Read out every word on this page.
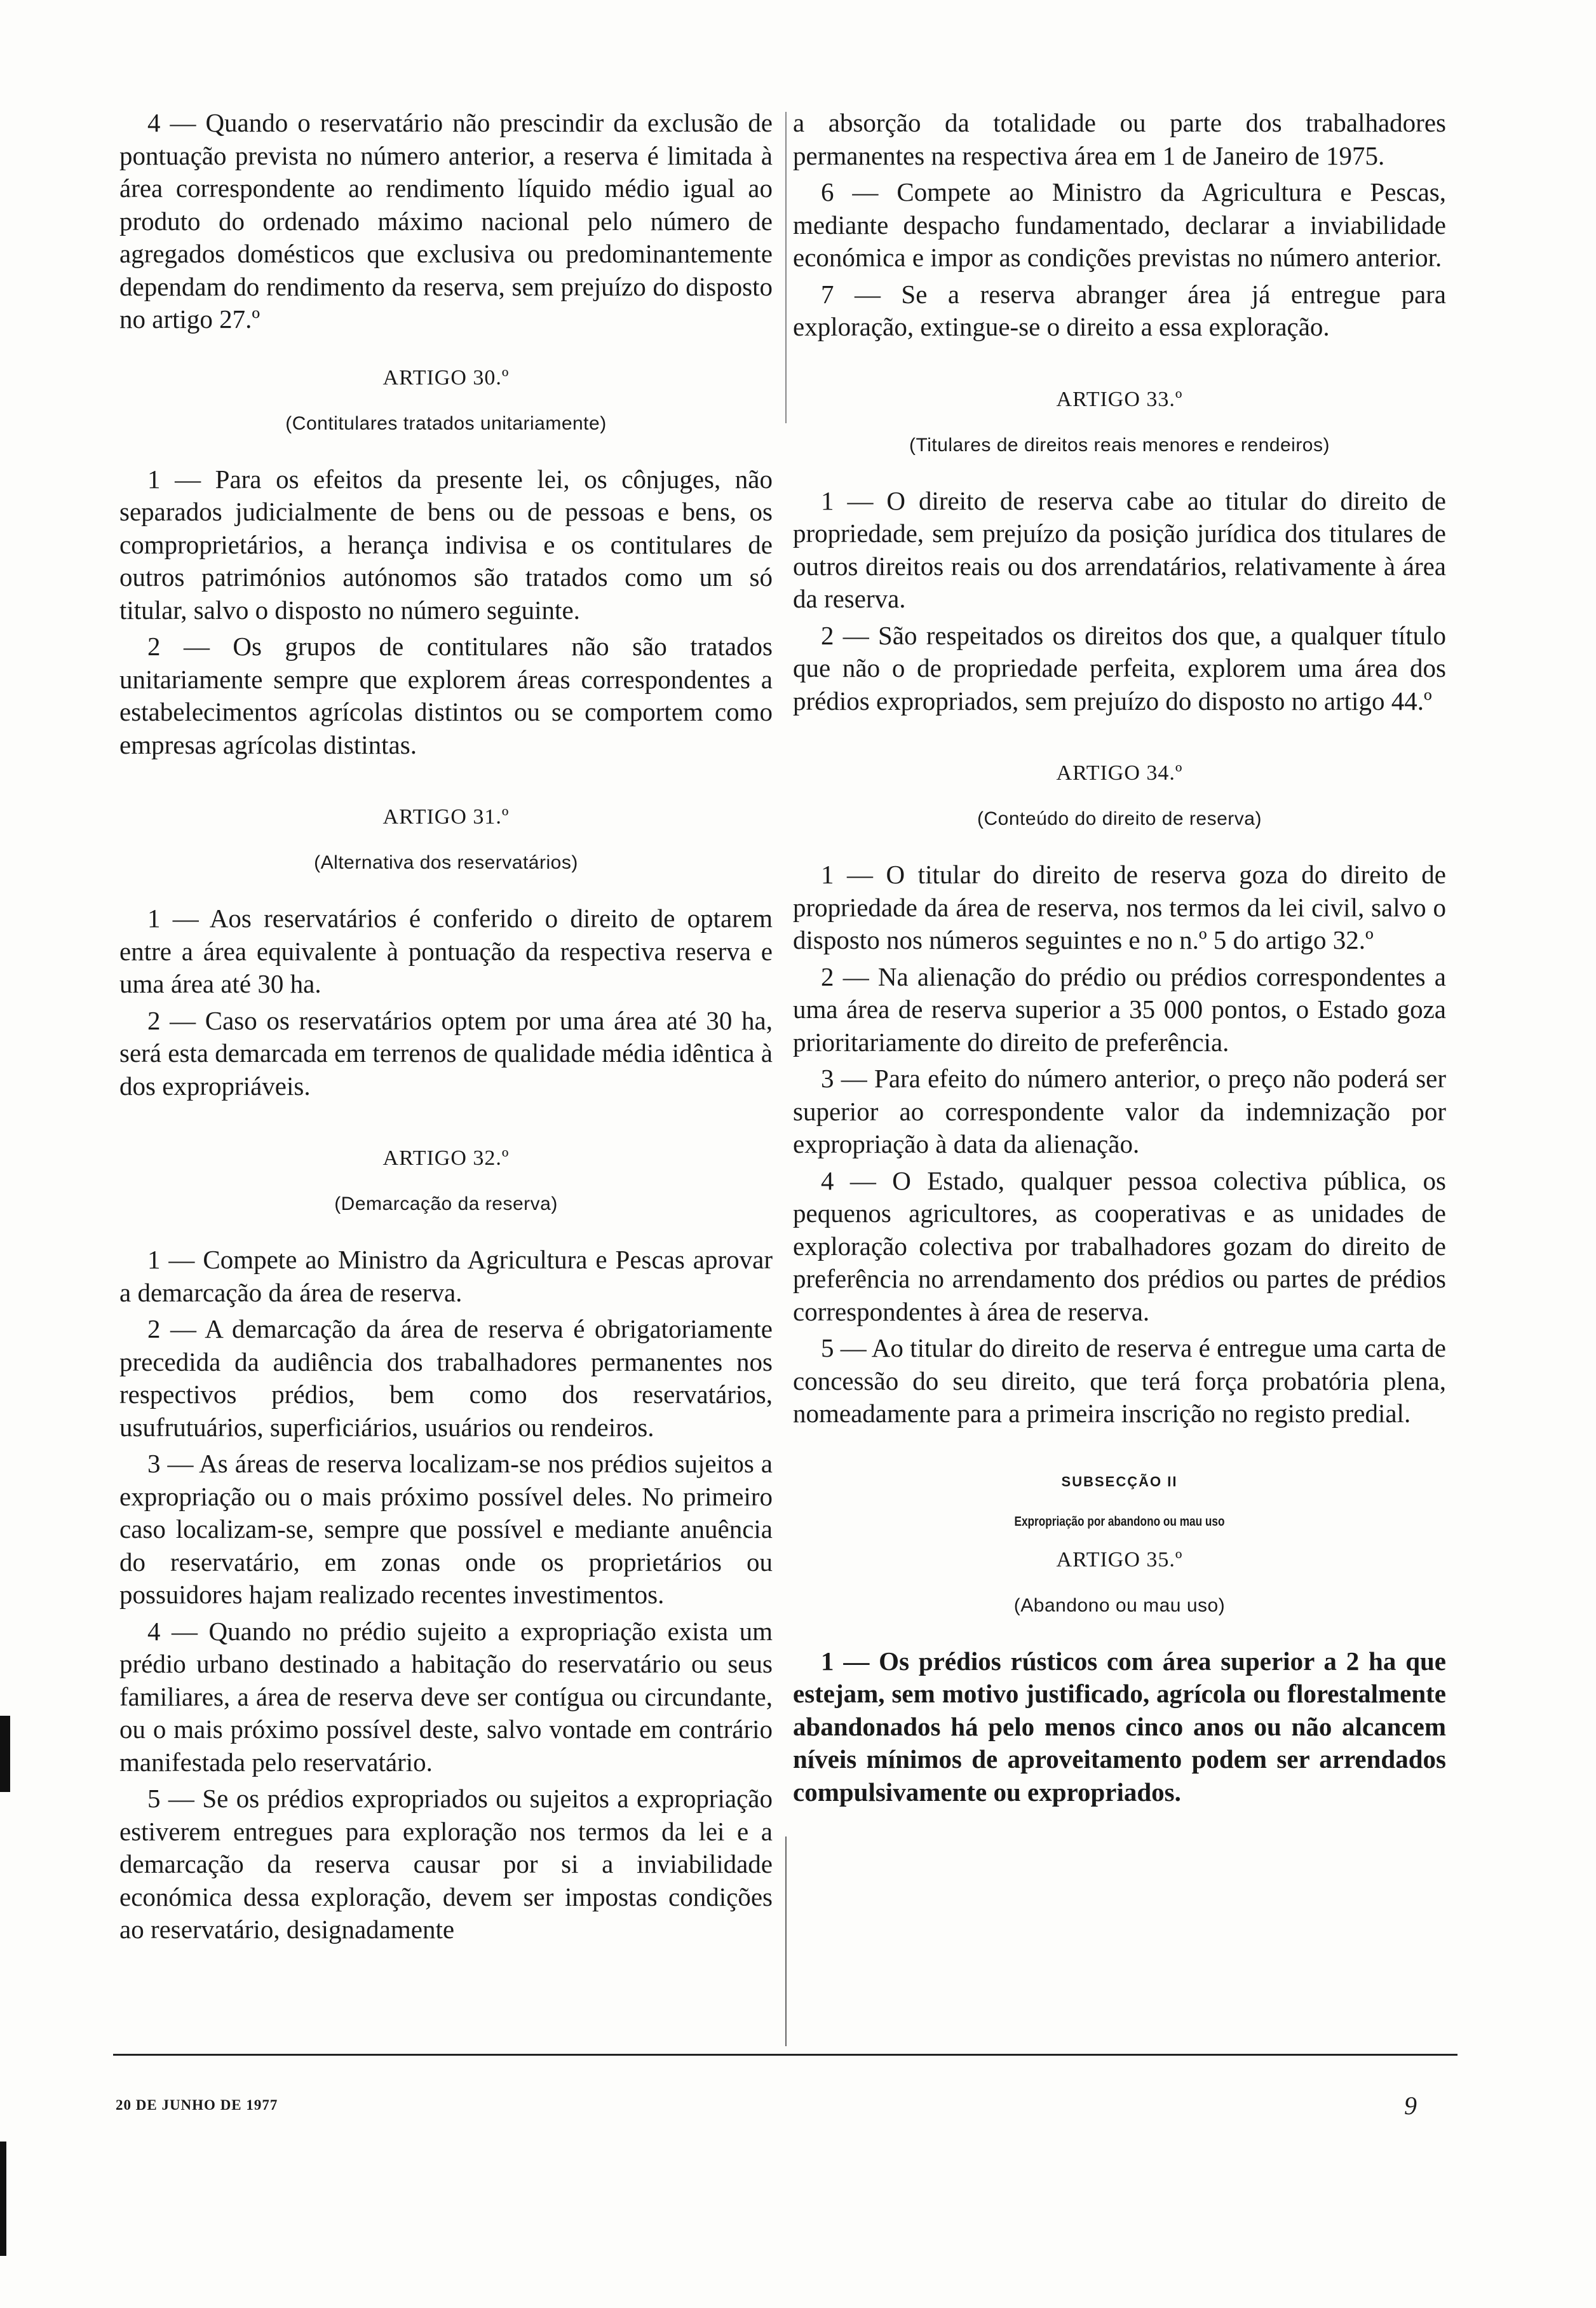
4 — Quando o reservatário não prescindir da exclusão de pontuação prevista no número anterior, a reserva é limitada à área correspondente ao rendimento líquido médio igual ao produto do ordenado máximo nacional pelo número de agregados domésticos que exclusiva ou predominantemente dependam do rendimento da reserva, sem prejuízo do disposto no artigo 27.º

ARTIGO 30.º
(Contitulares tratados unitariamente)

1 — Para os efeitos da presente lei, os cônjuges, não separados judicialmente de bens ou de pessoas e bens, os comproprietários, a herança indivisa e os contitulares de outros patrimónios autónomos são tratados como um só titular, salvo o disposto no número seguinte.

2 — Os grupos de contitulares não são tratados unitariamente sempre que explorem áreas correspondentes a estabelecimentos agrícolas distintos ou se comportem como empresas agrícolas distintas.

ARTIGO 31.º
(Alternativa dos reservatários)

1 — Aos reservatários é conferido o direito de optarem entre a área equivalente à pontuação da respectiva reserva e uma área até 30 ha.

2 — Caso os reservatários optem por uma área até 30 ha, será esta demarcada em terrenos de qualidade média idêntica à dos expropriáveis.

ARTIGO 32.º
(Demarcação da reserva)

1 — Compete ao Ministro da Agricultura e Pescas aprovar a demarcação da área de reserva.

2 — A demarcação da área de reserva é obrigatoriamente precedida da audiência dos trabalhadores permanentes nos respectivos prédios, bem como dos reservatários, usufrutuários, superficiários, usuários ou rendeiros.

3 — As áreas de reserva localizam-se nos prédios sujeitos a expropriação ou o mais próximo possível deles. No primeiro caso localizam-se, sempre que possível e mediante anuência do reservatário, em zonas onde os proprietários ou possuidores hajam realizado recentes investimentos.

4 — Quando no prédio sujeito a expropriação exista um prédio urbano destinado a habitação do reservatário ou seus familiares, a área de reserva deve ser contígua ou circundante, ou o mais próximo possível deste, salvo vontade em contrário manifestada pelo reservatário.

5 — Se os prédios expropriados ou sujeitos a expropriação estiverem entregues para exploração nos termos da lei e a demarcação da reserva causar por si a inviabilidade económica dessa exploração, devem ser impostas condições ao reservatário, designadamente

a absorção da totalidade ou parte dos trabalhadores permanentes na respectiva área em 1 de Janeiro de 1975.

6 — Compete ao Ministro da Agricultura e Pescas, mediante despacho fundamentado, declarar a inviabilidade económica e impor as condições previstas no número anterior.

7 — Se a reserva abranger área já entregue para exploração, extingue-se o direito a essa exploração.

ARTIGO 33.º
(Titulares de direitos reais menores e rendeiros)

1 — O direito de reserva cabe ao titular do direito de propriedade, sem prejuízo da posição jurídica dos titulares de outros direitos reais ou dos arrendatários, relativamente à área da reserva.

2 — São respeitados os direitos dos que, a qualquer título que não o de propriedade perfeita, explorem uma área dos prédios expropriados, sem prejuízo do disposto no artigo 44.º

ARTIGO 34.º
(Conteúdo do direito de reserva)

1 — O titular do direito de reserva goza do direito de propriedade da área de reserva, nos termos da lei civil, salvo o disposto nos números seguintes e no n.º 5 do artigo 32.º

2 — Na alienação do prédio ou prédios correspondentes a uma área de reserva superior a 35 000 pontos, o Estado goza prioritariamente do direito de preferência.

3 — Para efeito do número anterior, o preço não poderá ser superior ao correspondente valor da indemnização por expropriação à data da alienação.

4 — O Estado, qualquer pessoa colectiva pública, os pequenos agricultores, as cooperativas e as unidades de exploração colectiva por trabalhadores gozam do direito de preferência no arrendamento dos prédios ou partes de prédios correspondentes à área de reserva.

5 — Ao titular do direito de reserva é entregue uma carta de concessão do seu direito, que terá força probatória plena, nomeadamente para a primeira inscrição no registo predial.

SUBSECÇÃO II
Expropriação por abandono ou mau uso
ARTIGO 35.º
(Abandono ou mau uso)

1 — Os prédios rústicos com área superior a 2 ha que estejam, sem motivo justificado, agrícola ou florestalmente abandonados há pelo menos cinco anos ou não alcancem níveis mínimos de aproveitamento podem ser arrendados compulsivamente ou expropriados.

20 DE JUNHO DE 1977	9
